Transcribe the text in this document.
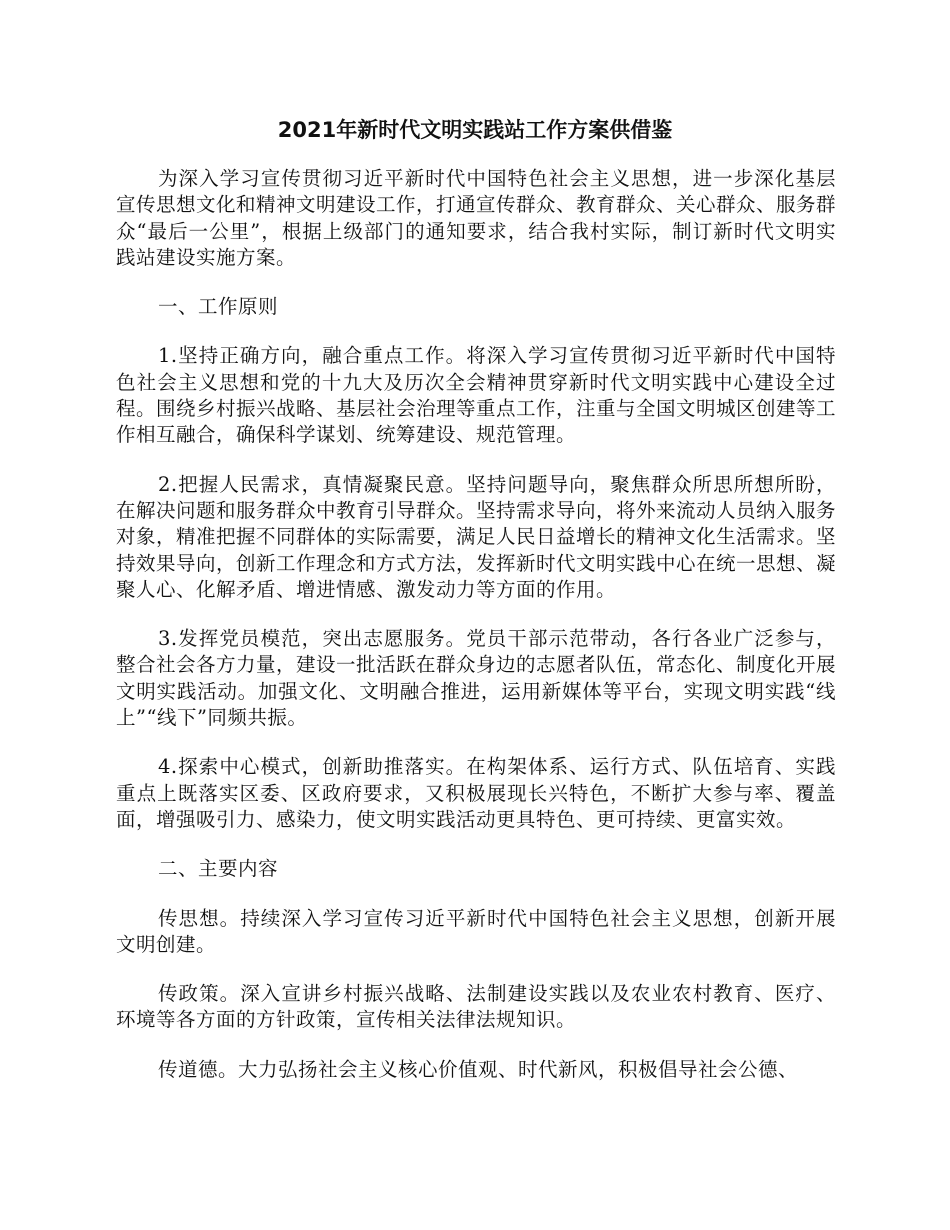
2021年新时代文明实践站工作方案供借鉴

为深入学习宣传贯彻习近平新时代中国特色社会主义思想，进一步深化基层宣传思想文化和精神文明建设工作，打通宣传群众、教育群众、关心群众、服务群众“最后一公里”，根据上级部门的通知要求，结合我村实际，制订新时代文明实践站建设实施方案。

一、工作原则

1.坚持正确方向，融合重点工作。将深入学习宣传贯彻习近平新时代中国特色社会主义思想和党的十九大及历次全会精神贯穿新时代文明实践中心建设全过程。围绕乡村振兴战略、基层社会治理等重点工作，注重与全国文明城区创建等工作相互融合，确保科学谋划、统筹建设、规范管理。

2.把握人民需求，真情凝聚民意。坚持问题导向，聚焦群众所思所想所盼，在解决问题和服务群众中教育引导群众。坚持需求导向，将外来流动人员纳入服务对象，精准把握不同群体的实际需要，满足人民日益增长的精神文化生活需求。坚持效果导向，创新工作理念和方式方法，发挥新时代文明实践中心在统一思想、凝聚人心、化解矛盾、增进情感、激发动力等方面的作用。

3.发挥党员模范，突出志愿服务。党员干部示范带动，各行各业广泛参与，整合社会各方力量，建设一批活跃在群众身边的志愿者队伍，常态化、制度化开展文明实践活动。加强文化、文明融合推进，运用新媒体等平台，实现文明实践“线上”“线下”同频共振。

4.探索中心模式，创新助推落实。在构架体系、运行方式、队伍培育、实践重点上既落实区委、区政府要求，又积极展现长兴特色，不断扩大参与率、覆盖面，增强吸引力、感染力，使文明实践活动更具特色、更可持续、更富实效。

二、主要内容

传思想。持续深入学习宣传习近平新时代中国特色社会主义思想，创新开展文明创建。

传政策。深入宣讲乡村振兴战略、法制建设实践以及农业农村教育、医疗、环境等各方面的方针政策，宣传相关法律法规知识。

传道德。大力弘扬社会主义核心价值观、时代新风，积极倡导社会公德、
